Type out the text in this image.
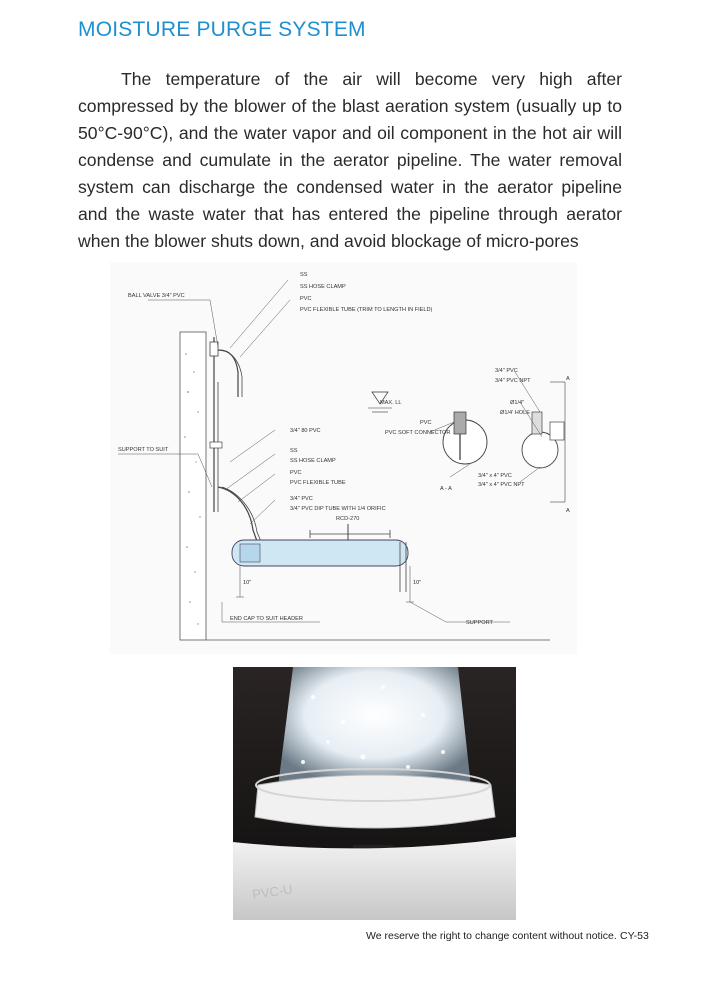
MOISTURE PURGE SYSTEM
The temperature of the air will become very high after compressed by the blower of the blast aeration system (usually up to 50°C-90°C), and the water vapor and oil component in the hot air will condense and cumulate in the aerator pipeline. The water removal system can discharge the condensed water in the aerator pipeline and the waste water that has entered the pipeline through aerator when the blower shuts down, and avoid blockage of micro-pores
BALL VALVE 3/4" PVC
SS
SS HOSE CLAMP
PVC
PVC FLEXIBLE TUBE (TRIM TO LENGTH IN FIELD)
MAX. LL
3/4" 80 PVC
PVC
PVC SOFT CONNECTOR
SUPPORT TO SUIT	SS
SS HOSE CLAMP
PVC
PVC FLEXIBLE TUBE
3/4" PVC
3/4" PVC DIP TUBE WITH 1/4 ORIFIC
RCD-270
3/4" PVC
3/4" PVC NPT	A
Ø1/4"
Ø1/4' HOLE
3/4" x 4" PVC
3/4" x 4" PVC NPT
A
A - A
10"	10"
END CAP TO SUIT HEADER
SUPPORT
PVC-U
We reserve the right to change content without notice. CY-53
